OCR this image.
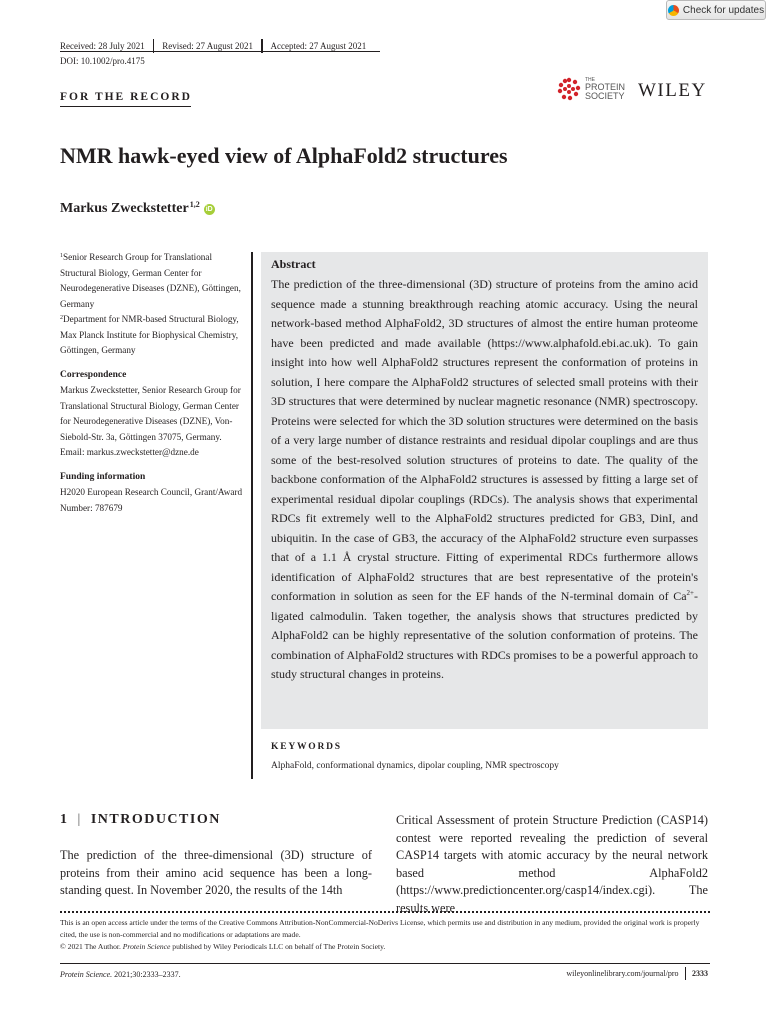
Check for updates
Received: 28 July 2021 Revised: 27 August 2021 Accepted: 27 August 2021
DOI: 10.1002/pro.4175
FOR THE RECORD
THE
PROTEIN
SOCIETY WILEY
NMR hawk-eyed view of AlphaFold2 structures
Markus Zweckstetter$^{1,2}$ iD

$^1$Senior Research Group for Translational Structural Biology, German Center for Neurodegenerative Diseases (DZNE), Göttingen, Germany

$^2$Department for NMR-based Structural Biology, Max Planck Institute for Biophysical Chemistry, Göttingen, Germany

Correspondence

Markus Zweckstetter, Senior Research Group for Translational Structural Biology, German Center for Neurodegenerative Diseases (DZNE), Von-Siebold-Str. 3a, Göttingen 37075, Germany.

Email: markus.zweckstetter@dzne.de

Funding information

H2020 European Research Council, Grant/Award Number: 787679

Abstract

The prediction of the three-dimensional (3D) structure of proteins from the amino acid sequence made a stunning breakthrough reaching atomic accuracy. Using the neural network-based method AlphaFold2, 3D structures of almost the entire human proteome have been predicted and made available (https://www.alphafold.ebi.ac.uk). To gain insight into how well AlphaFold2 structures represent the conformation of proteins in solution, I here compare the AlphaFold2 structures of selected small proteins with their 3D structures that were determined by nuclear magnetic resonance (NMR) spectroscopy. Proteins were selected for which the 3D solution structures were determined on the basis of a very large number of distance restraints and residual dipolar couplings and are thus some of the best-resolved solution structures of proteins to date. The quality of the backbone conformation of the AlphaFold2 structures is assessed by fitting a large set of experimental residual dipolar couplings (RDCs). The analysis shows that experimental RDCs fit extremely well to the AlphaFold2 structures predicted for GB3, DinI, and ubiquitin. In the case of GB3, the accuracy of the AlphaFold2 structure even surpasses that of a 1.1 Å crystal structure. Fitting of experimental RDCs furthermore allows identification of AlphaFold2 structures that are best representative of the protein's conformation in solution as seen for the EF hands of the N-terminal domain of $Ca^{2+}$-ligated calmodulin. Taken together, the analysis shows that structures predicted by AlphaFold2 can be highly representative of the solution conformation of proteins. The combination of AlphaFold2 structures with RDCs promises to be a powerful approach to study structural changes in proteins.

KEYWORDS
AlphaFold, conformational dynamics, dipolar coupling, NMR spectroscopy
1 | INTRODUCTION

The prediction of the three-dimensional (3D) structure of proteins from their amino acid sequence has been a long-standing quest. In November 2020, the results of the 14th

Critical Assessment of protein Structure Prediction (CASP14) contest were reported revealing the prediction of several CASP14 targets with atomic accuracy by the neural network based method AlphaFold2 (https://www.predictioncenter.org/casp14/index.cgi). The results were

This is an open access article under the terms of the Creative Commons Attribution-NonCommercial-NoDerivs License, which permits use and distribution in any medium, provided the original work is properly cited, the use is non-commercial and no modifications or adaptations are made.
© 2021 The Author. Protein Science published by Wiley Periodicals LLC on behalf of The Protein Society.

Protein Science. 2021;30:2333–2337.	wileyonlinelibrary.com/journal/pro 2333
